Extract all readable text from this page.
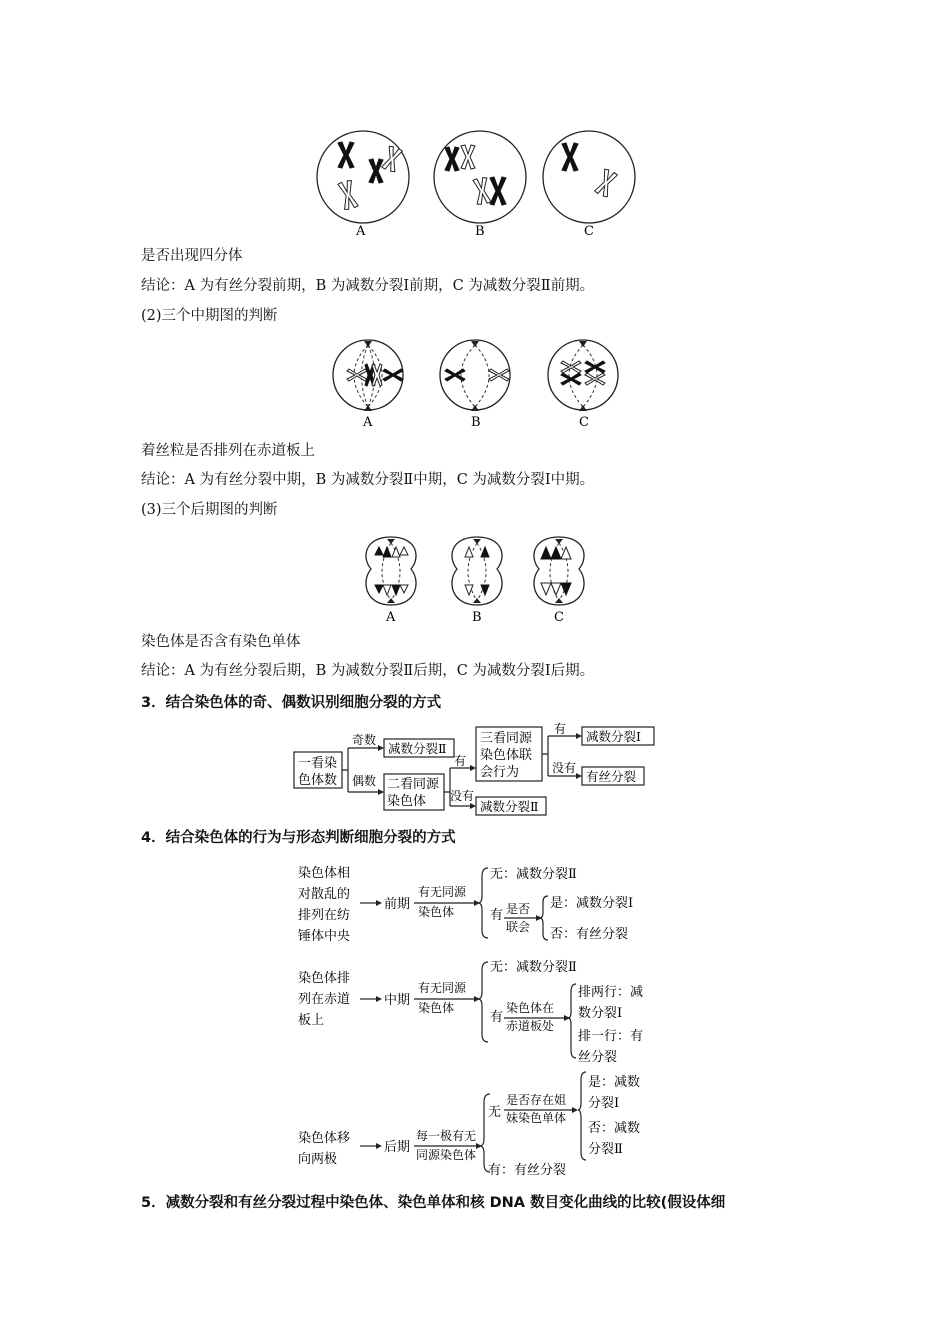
A	B	C
是否出现四分体
结论：A 为有丝分裂前期，B 为减数分裂Ⅰ前期，C 为减数分裂Ⅱ前期。
(2)三个中期图的判断
A	B	C
着丝粒是否排列在赤道板上
结论：A 为有丝分裂中期，B 为减数分裂Ⅱ中期，C 为减数分裂Ⅰ中期。
(3)三个后期图的判断
A	B	C
染色体是否含有染色单体
结论：A 为有丝分裂后期，B 为减数分裂Ⅱ后期，C 为减数分裂Ⅰ后期。
3．结合染色体的奇、偶数识别细胞分裂的方式
一看染
色体数
奇数
偶数
减数分裂Ⅱ
二看同源
染色体
有
没有
减数分裂Ⅱ
三看同源
染色体联
会行为
有
没有
减数分裂Ⅰ
有丝分裂
4．结合染色体的行为与形态判断细胞分裂的方式
染色体相
对散乱的
排列在纺
锤体中央
前期
有无同源
染色体
无：减数分裂Ⅱ
有 是否
联会
是：减数分裂Ⅰ
否：有丝分裂
染色体排
列在赤道
板上
中期
有无同源
染色体
无：减数分裂Ⅱ
有
染色体在
赤道板处
排两行：减
数分裂Ⅰ
排一行：有
丝分裂
染色体移
向两极
后期
每一极有无
同源染色体
无
是否存在姐
妹染色单体
是：减数
分裂Ⅰ
否：减数
分裂Ⅱ
有：有丝分裂
5．减数分裂和有丝分裂过程中染色体、染色单体和核 DNA 数目变化曲线的比较(假设体细
